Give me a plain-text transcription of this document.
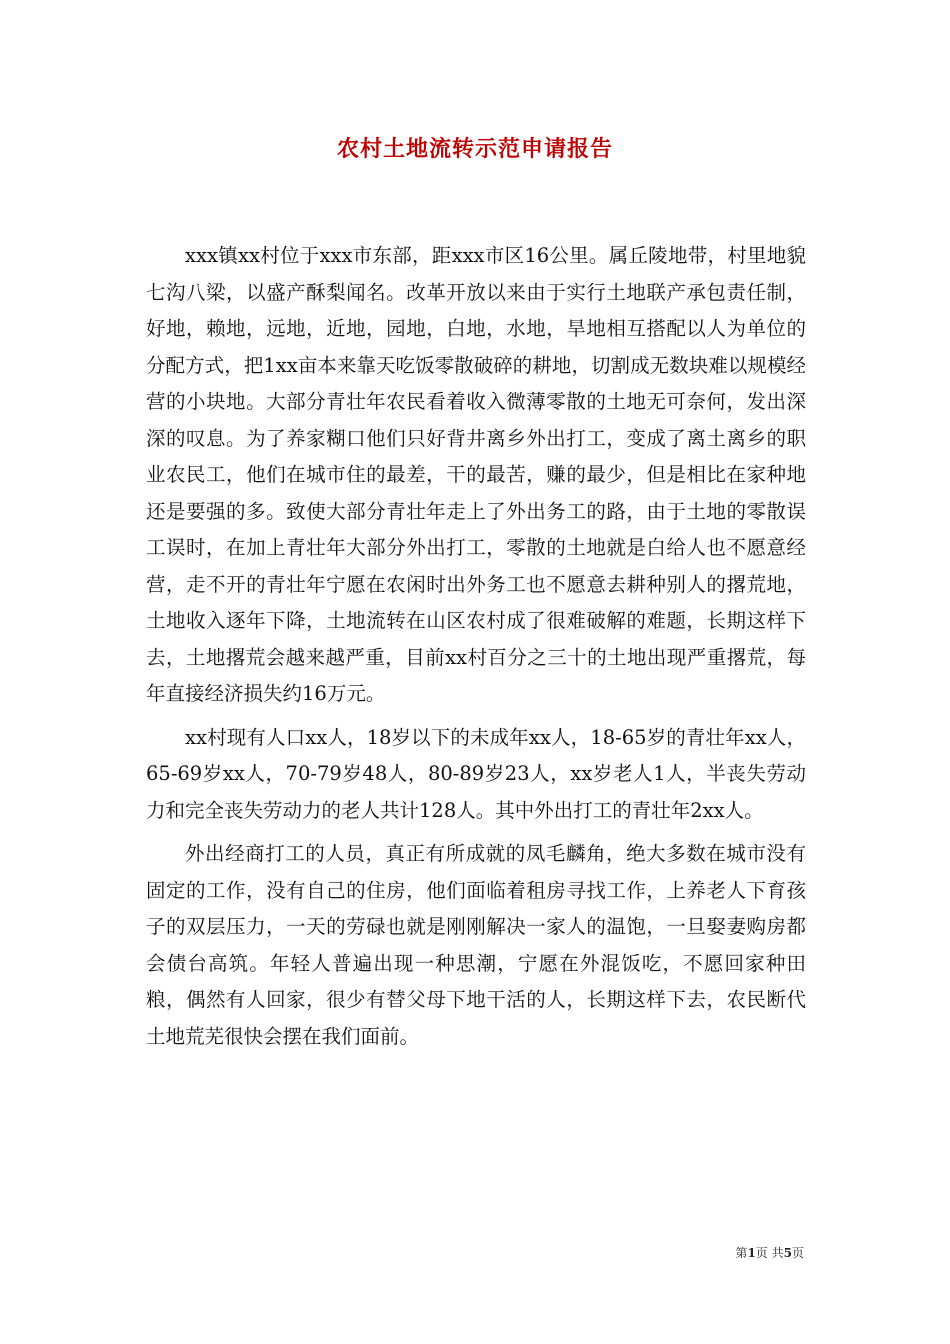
农村土地流转示范申请报告

xxx镇xx村位于xxx市东部，距xxx市区16公里。属丘陵地带，村里地貌七沟八梁，以盛产酥梨闻名。改革开放以来由于实行土地联产承包责任制，好地，赖地，远地，近地，园地，白地，水地，旱地相互搭配以人为单位的分配方式，把1xx亩本来靠天吃饭零散破碎的耕地，切割成无数块难以规模经营的小块地。大部分青壮年农民看着收入微薄零散的土地无可奈何，发出深深的叹息。为了养家糊口他们只好背井离乡外出打工，变成了离土离乡的职业农民工，他们在城市住的最差，干的最苦，赚的最少，但是相比在家种地还是要强的多。致使大部分青壮年走上了外出务工的路，由于土地的零散误工误时，在加上青壮年大部分外出打工，零散的土地就是白给人也不愿意经营，走不开的青壮年宁愿在农闲时出外务工也不愿意去耕种别人的撂荒地，土地收入逐年下降，土地流转在山区农村成了很难破解的难题，长期这样下去，土地撂荒会越来越严重，目前xx村百分之三十的土地出现严重撂荒，每年直接经济损失约16万元。

xx村现有人口xx人，18岁以下的未成年xx人，18-65岁的青壮年xx人，65-69岁xx人，70-79岁48人，80-89岁23人，xx岁老人1人，半丧失劳动力和完全丧失劳动力的老人共计128人。其中外出打工的青壮年2xx人。

外出经商打工的人员，真正有所成就的凤毛麟角，绝大多数在城市没有固定的工作，没有自己的住房，他们面临着租房寻找工作，上养老人下育孩子的双层压力，一天的劳碌也就是刚刚解决一家人的温饱，一旦娶妻购房都会债台高筑。年轻人普遍出现一种思潮，宁愿在外混饭吃，不愿回家种田粮，偶然有人回家，很少有替父母下地干活的人，长期这样下去，农民断代土地荒芜很快会摆在我们面前。

第1页 共5页
